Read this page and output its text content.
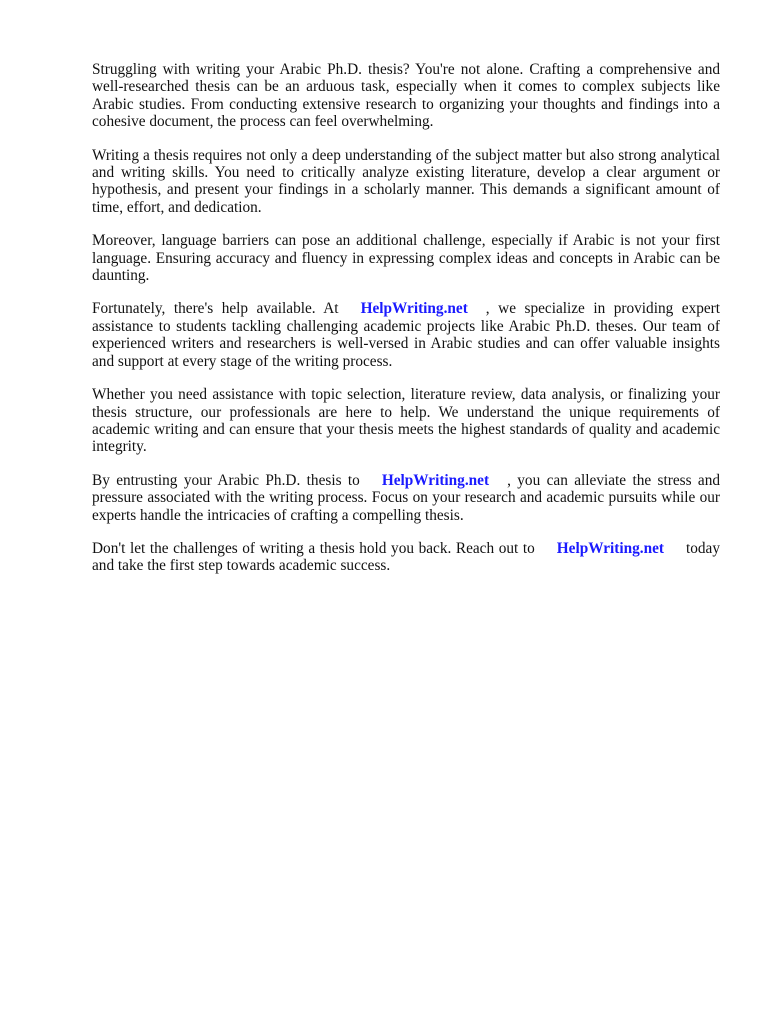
Struggling with writing your Arabic Ph.D. thesis? You're not alone. Crafting a comprehensive and well-researched thesis can be an arduous task, especially when it comes to complex subjects like Arabic studies. From conducting extensive research to organizing your thoughts and findings into a cohesive document, the process can feel overwhelming.

Writing a thesis requires not only a deep understanding of the subject matter but also strong analytical and writing skills. You need to critically analyze existing literature, develop a clear argument or hypothesis, and present your findings in a scholarly manner. This demands a significant amount of time, effort, and dedication.

Moreover, language barriers can pose an additional challenge, especially if Arabic is not your first language. Ensuring accuracy and fluency in expressing complex ideas and concepts in Arabic can be daunting.

Fortunately, there's help available. At HelpWriting.net , we specialize in providing expert assistance to students tackling challenging academic projects like Arabic Ph.D. theses. Our team of experienced writers and researchers is well-versed in Arabic studies and can offer valuable insights and support at every stage of the writing process.

Whether you need assistance with topic selection, literature review, data analysis, or finalizing your thesis structure, our professionals are here to help. We understand the unique requirements of academic writing and can ensure that your thesis meets the highest standards of quality and academic integrity.

By entrusting your Arabic Ph.D. thesis to HelpWriting.net , you can alleviate the stress and pressure associated with the writing process. Focus on your research and academic pursuits while our experts handle the intricacies of crafting a compelling thesis.

Don't let the challenges of writing a thesis hold you back. Reach out to HelpWriting.net today and take the first step towards academic success.
